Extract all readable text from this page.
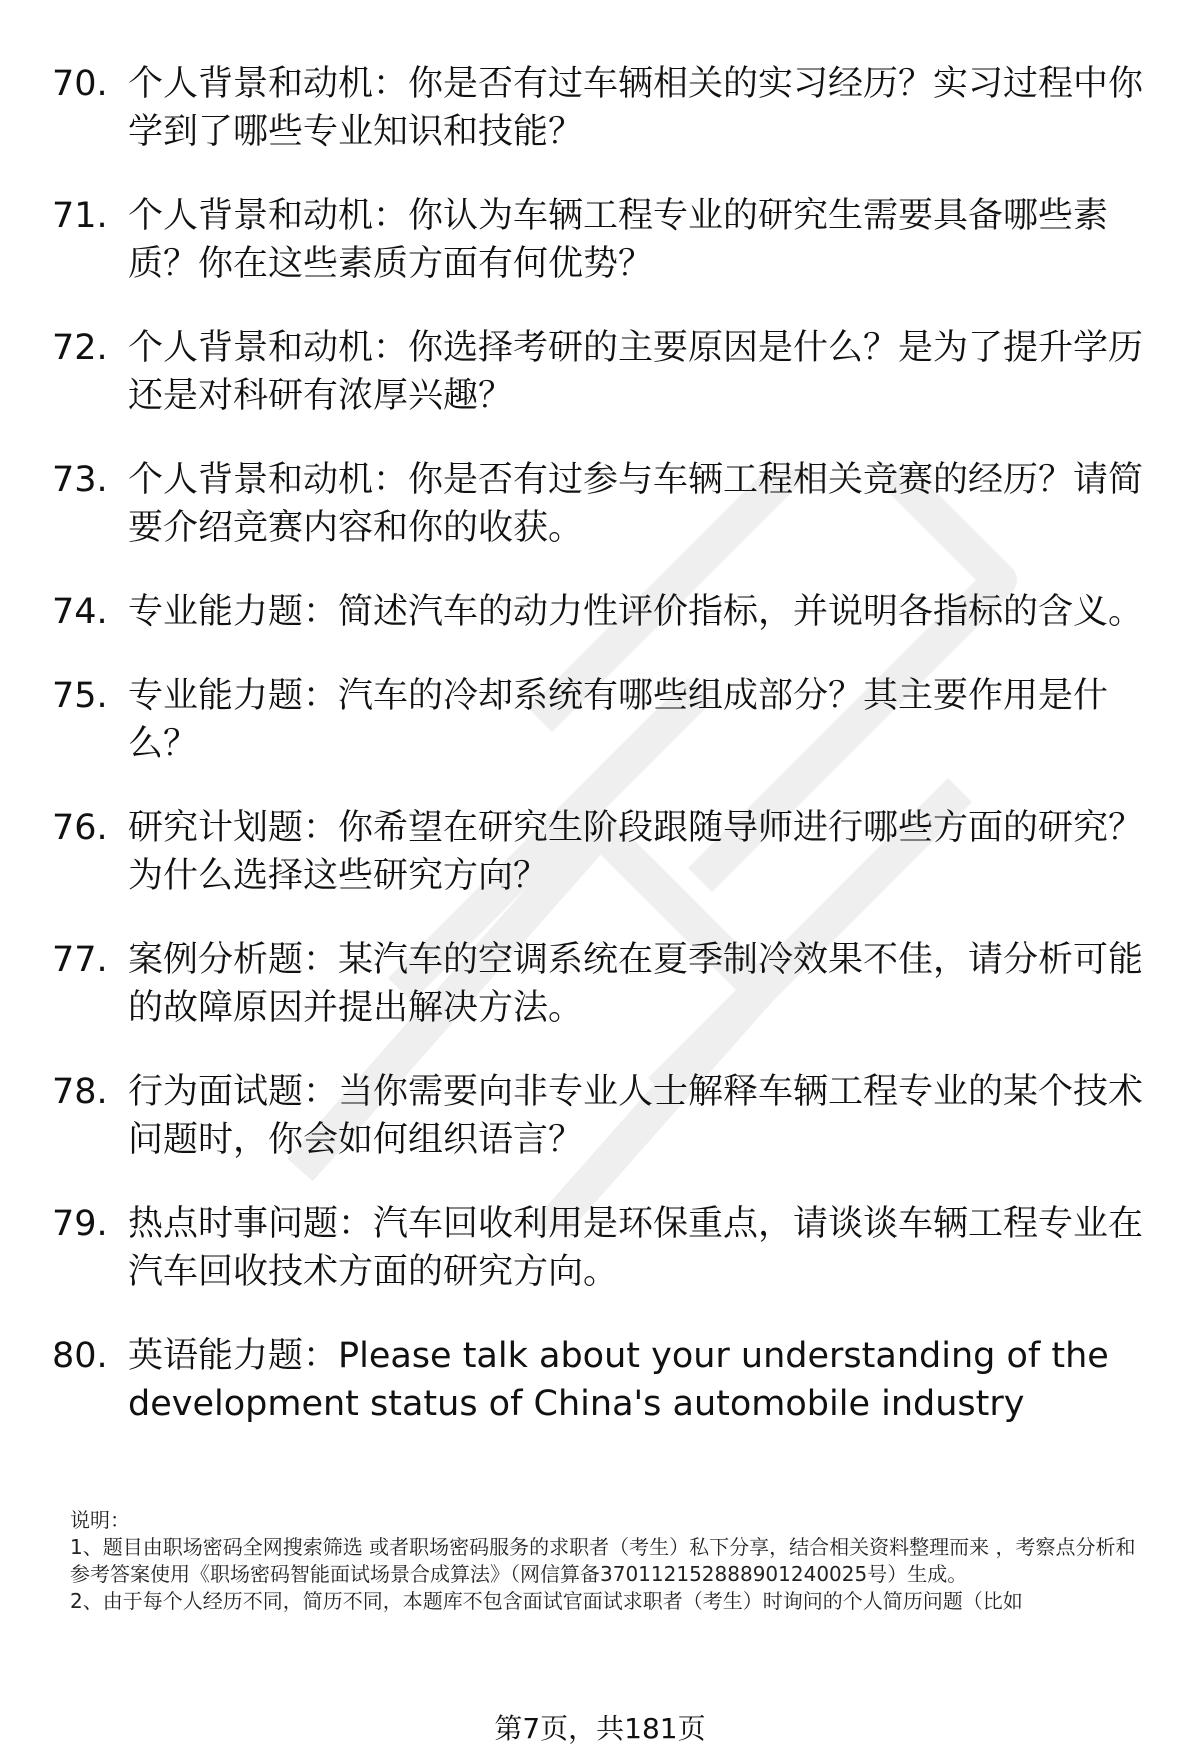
70. 个人背景和动机：你是否有过车辆相关的实习经历？实习过程中你学到了哪些专业知识和技能？
71. 个人背景和动机：你认为车辆工程专业的研究生需要具备哪些素质？你在这些素质方面有何优势？
72. 个人背景和动机：你选择考研的主要原因是什么？是为了提升学历还是对科研有浓厚兴趣？
73. 个人背景和动机：你是否有过参与车辆工程相关竞赛的经历？请简要介绍竞赛内容和你的收获。
74. 专业能力题：简述汽车的动力性评价指标，并说明各指标的含义。
75. 专业能力题：汽车的冷却系统有哪些组成部分？其主要作用是什么？
76. 研究计划题：你希望在研究生阶段跟随导师进行哪些方面的研究？为什么选择这些研究方向？
77. 案例分析题：某汽车的空调系统在夏季制冷效果不佳，请分析可能的故障原因并提出解决方法。
78. 行为面试题：当你需要向非专业人士解释车辆工程专业的某个技术问题时，你会如何组织语言？
79. 热点时事问题：汽车回收利用是环保重点，请谈谈车辆工程专业在汽车回收技术方面的研究方向。
80. 英语能力题：Please talk about your understanding of the development status of China's automobile industry

说明：

1、题目由职场密码全网搜索筛选 或者职场密码服务的求职者（考生）私下分享，结合相关资料整理而来 ，考察点分析和参考答案使用《职场密码智能面试场景合成算法》（网信算备370112152888901240025号）生成。

2、由于每个人经历不同，简历不同，本题库不包含面试官面试求职者（考生）时询问的个人简历问题（比如

第7页，共181页
